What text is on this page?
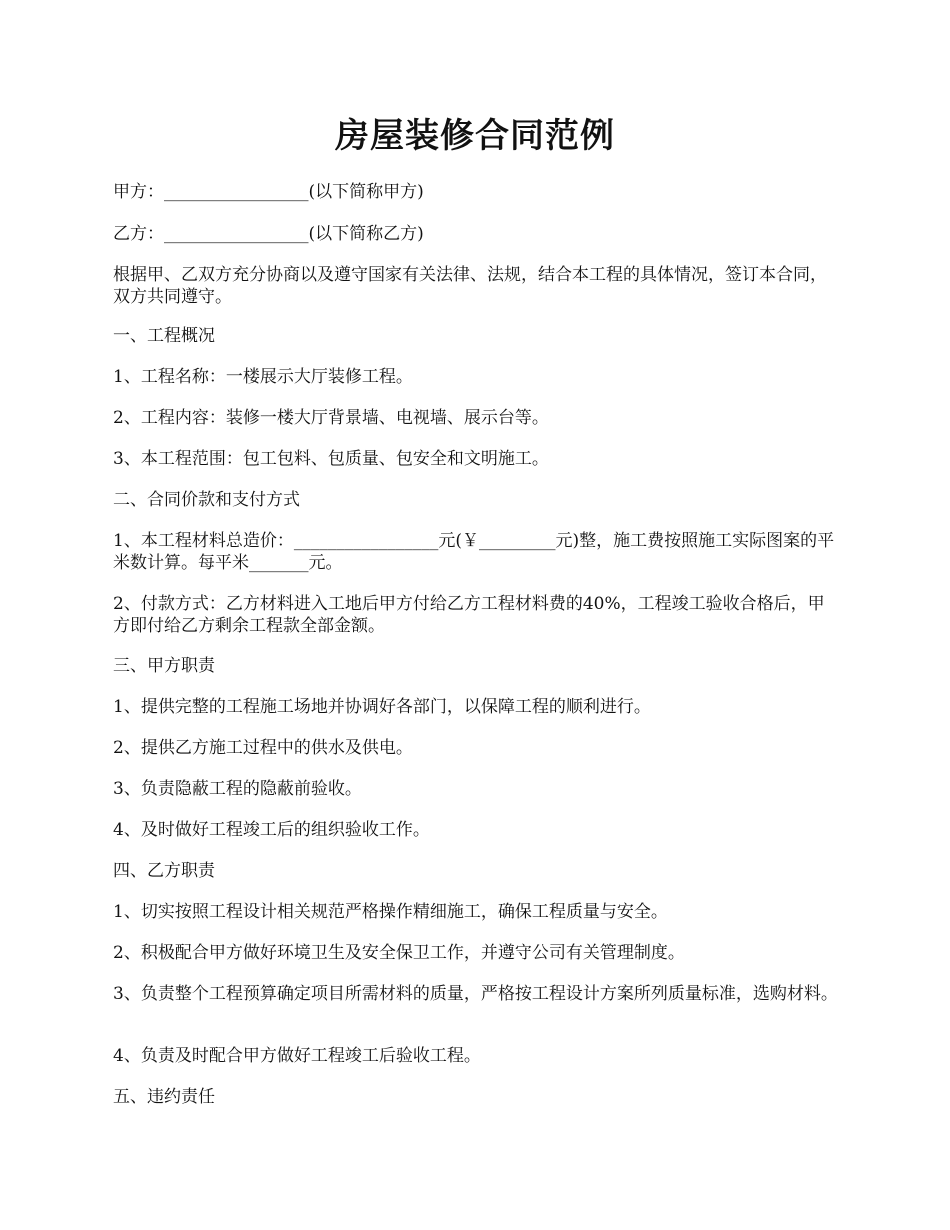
房屋装修合同范例
甲方：_________________(以下简称甲方)
乙方：_________________(以下简称乙方)
根据甲、乙双方充分协商以及遵守国家有关法律、法规，结合本工程的具体情况，签订本合同，双方共同遵守。
一、工程概况
1、工程名称：一楼展示大厅装修工程。
2、工程内容：装修一楼大厅背景墙、电视墙、展示台等。
3、本工程范围：包工包料、包质量、包安全和文明施工。
二、合同价款和支付方式
1、本工程材料总造价：_________________元(￥_________元)整，施工费按照施工实际图案的平米数计算。每平米_______元。
2、付款方式：乙方材料进入工地后甲方付给乙方工程材料费的40%，工程竣工验收合格后，甲方即付给乙方剩余工程款全部金额。
三、甲方职责
1、提供完整的工程施工场地并协调好各部门，以保障工程的顺利进行。
2、提供乙方施工过程中的供水及供电。
3、负责隐蔽工程的隐蔽前验收。
4、及时做好工程竣工后的组织验收工作。
四、乙方职责
1、切实按照工程设计相关规范严格操作精细施工，确保工程质量与安全。
2、积极配合甲方做好环境卫生及安全保卫工作，并遵守公司有关管理制度。
3、负责整个工程预算确定项目所需材料的质量，严格按工程设计方案所列质量标准，选购材料。
4、负责及时配合甲方做好工程竣工后验收工程。
五、违约责任
